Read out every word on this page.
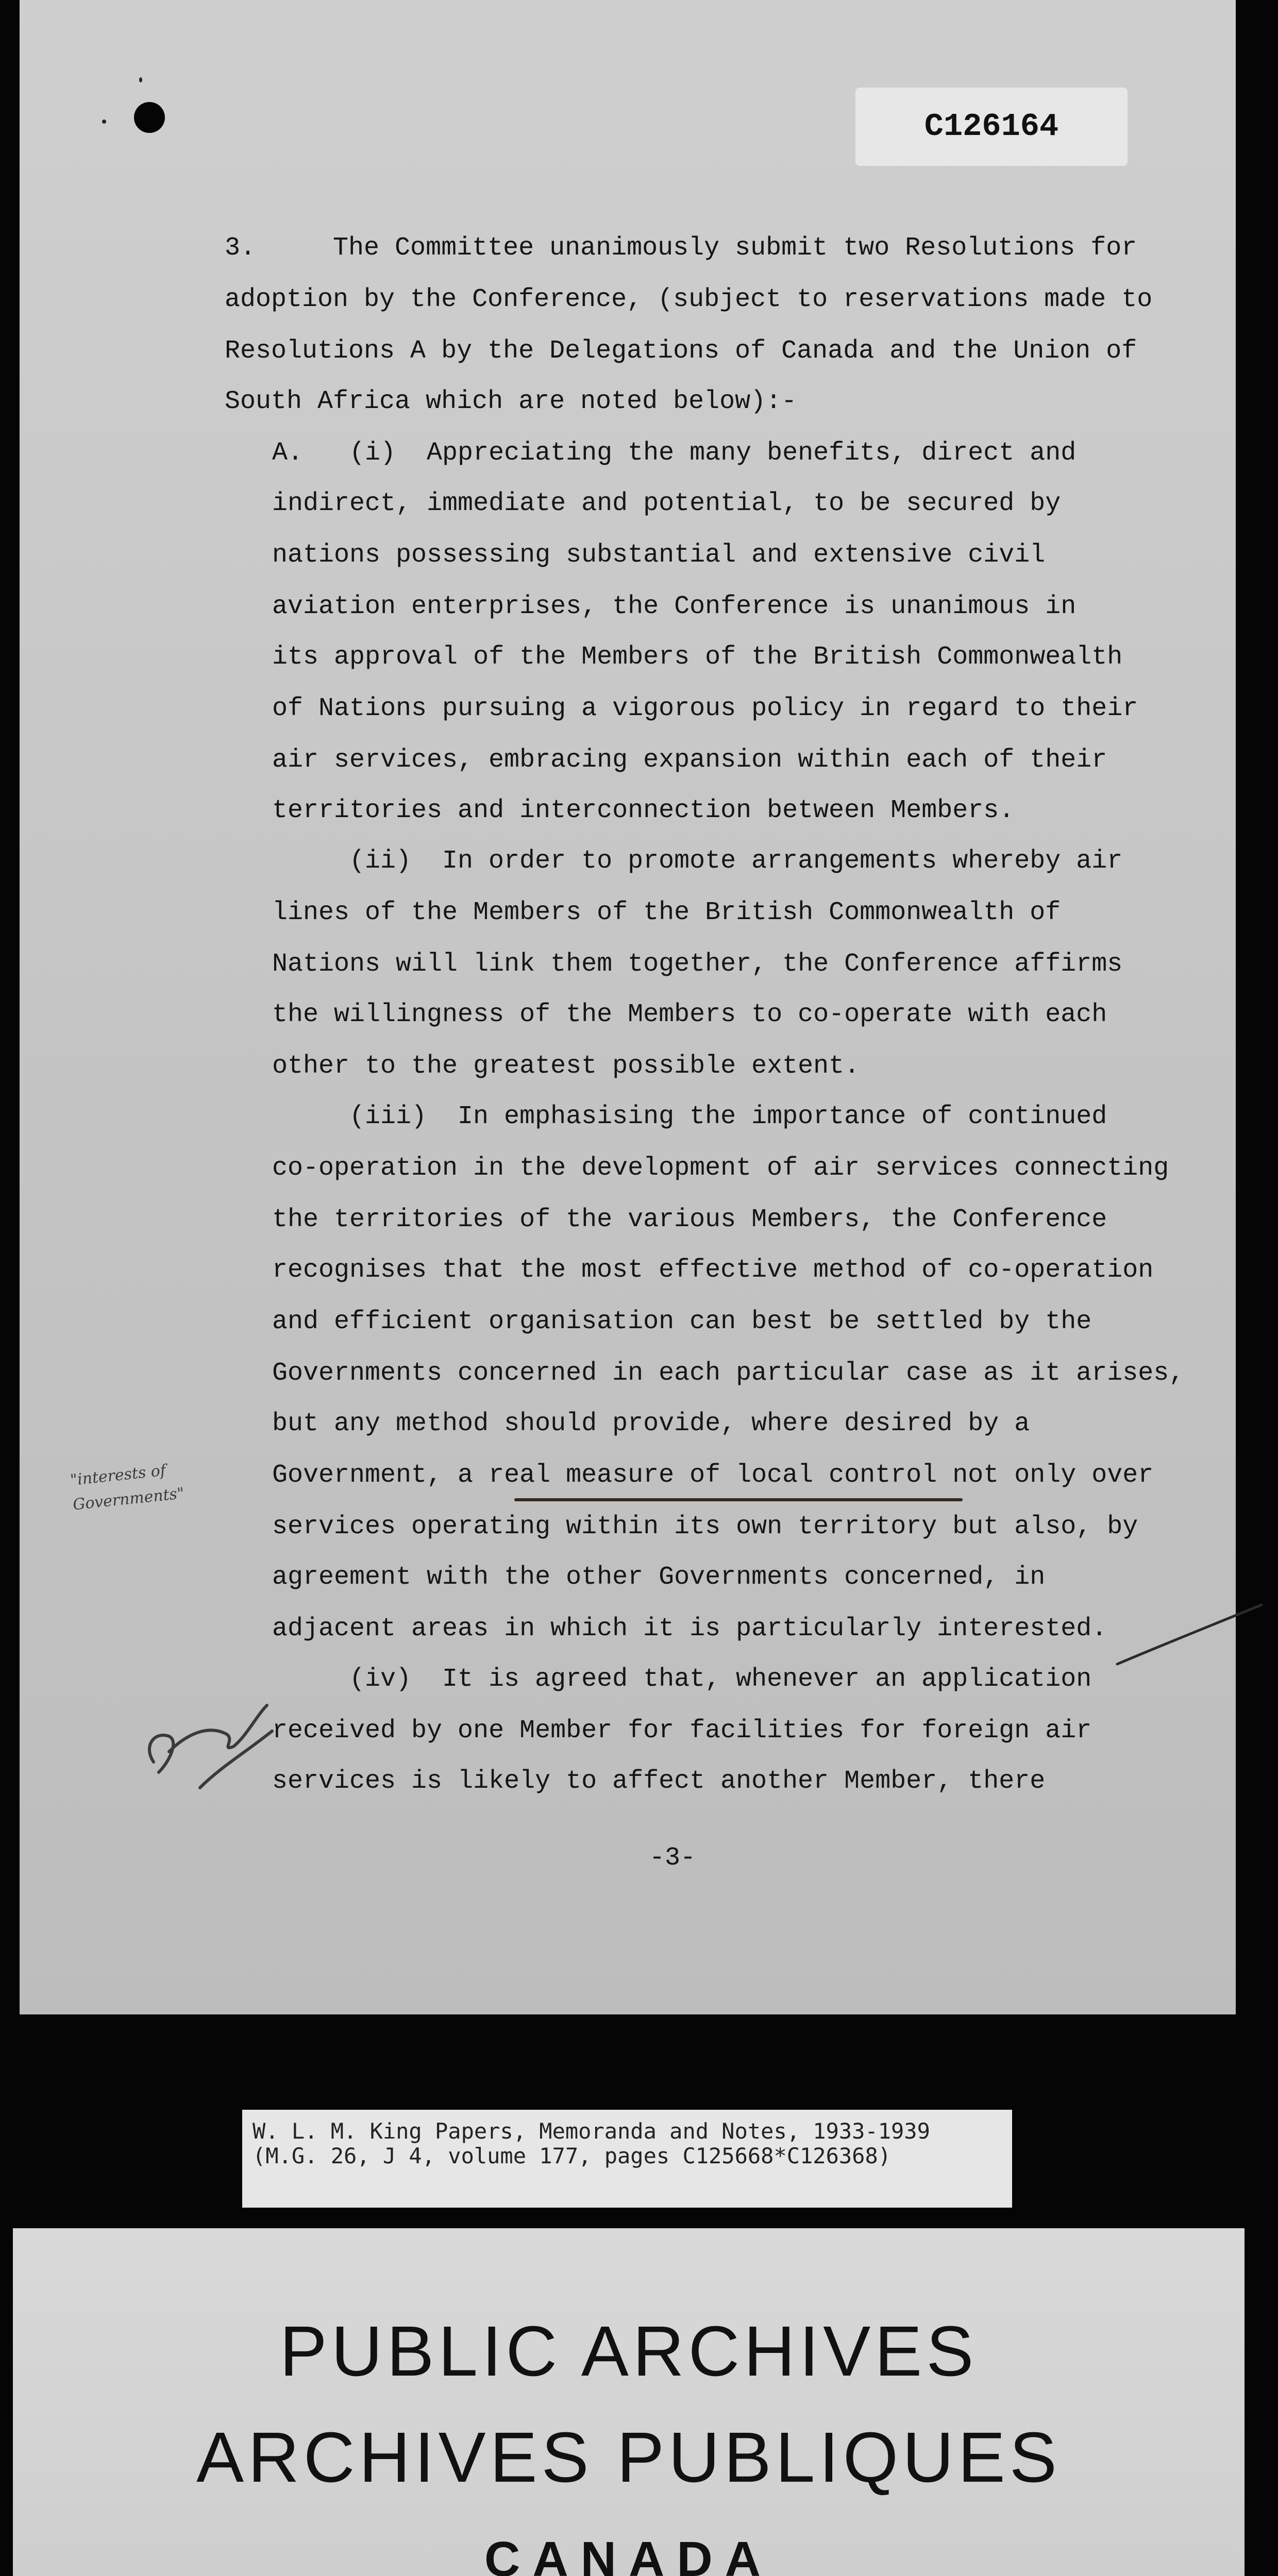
C126164
3.     The Committee unanimously submit two Resolutions for
adoption by the Conference, (subject to reservations made to
Resolutions A by the Delegations of Canada and the Union of
South Africa which are noted below):-
A.   (i)  Appreciating the many benefits, direct and
indirect, immediate and potential, to be secured by
nations possessing substantial and extensive civil
aviation enterprises, the Conference is unanimous in
its approval of the Members of the British Commonwealth
of Nations pursuing a vigorous policy in regard to their
air services, embracing expansion within each of their
territories and interconnection between Members.
(ii)  In order to promote arrangements whereby air
lines of the Members of the British Commonwealth of
Nations will link them together, the Conference affirms
the willingness of the Members to co-operate with each
other to the greatest possible extent.
(iii)  In emphasising the importance of continued
co-operation in the development of air services connecting
the territories of the various Members, the Conference
recognises that the most effective method of co-operation
and efficient organisation can best be settled by the
Governments concerned in each particular case as it arises,
but any method should provide, where desired by a
Government, a real measure of local control not only over
services operating within its own territory but also, by
agreement with the other Governments concerned, in
adjacent areas in which it is particularly interested.
(iv)  It is agreed that, whenever an application
received by one Member for facilities for foreign air
services is likely to affect another Member, there
"interests of Governments"
-3-
W. L. M. King Papers, Memoranda and Notes, 1933-1939
(M.G. 26, J 4, volume 177, pages C125668*C126368)
PUBLIC ARCHIVES
ARCHIVES PUBLIQUES
CANADA
